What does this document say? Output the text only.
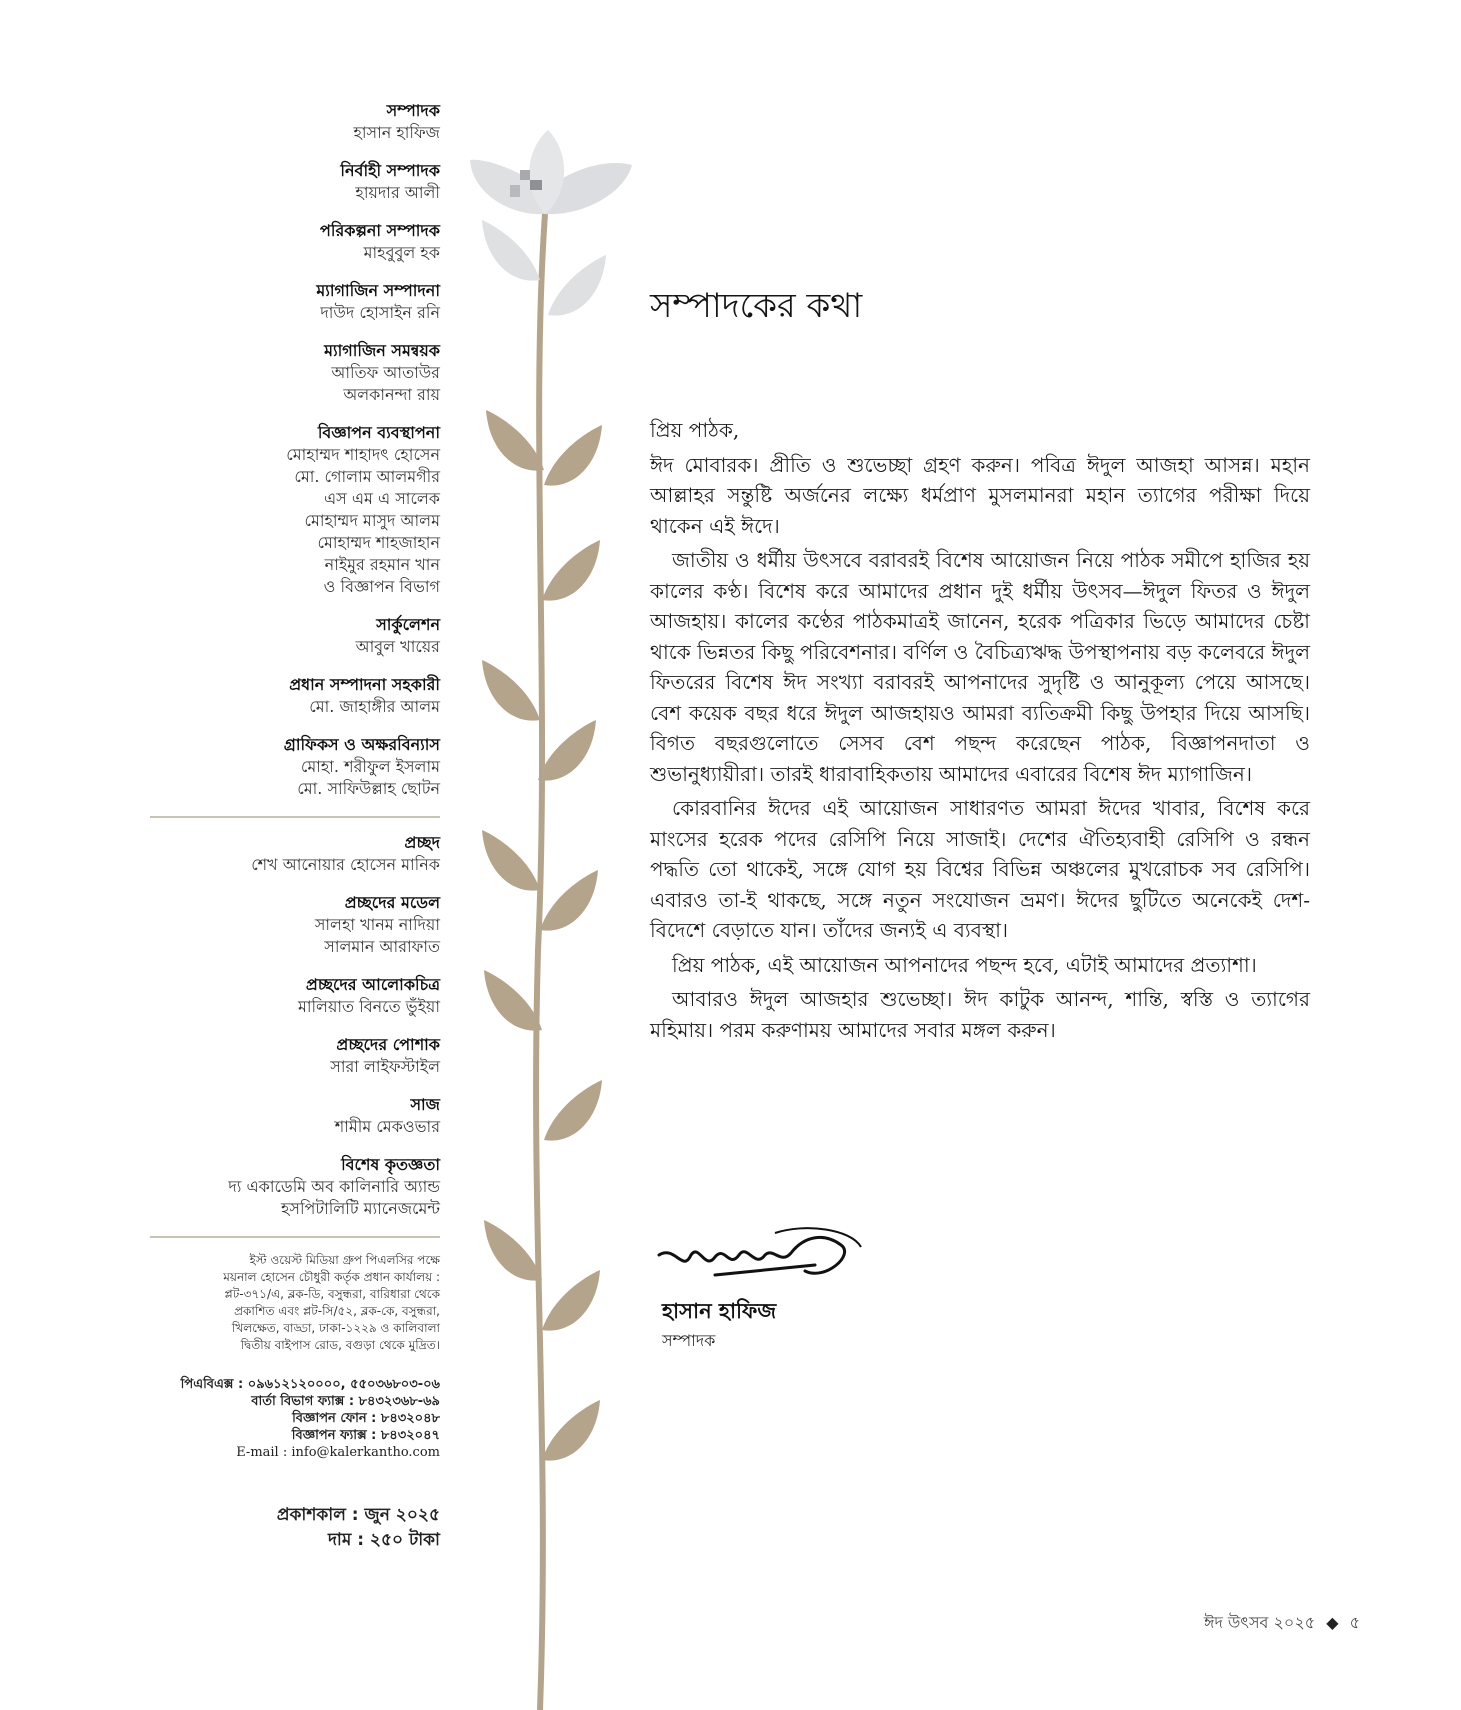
সম্পাদক
হাসান হাফিজ
নির্বাহী সম্পাদক
হায়দার আলী
পরিকল্পনা সম্পাদক
মাহবুবুল হক
ম্যাগাজিন সম্পাদনা
দাউদ হোসাইন রনি
ম্যাগাজিন সমন্বয়ক
আতিফ আতাউর
অলকানন্দা রায়
বিজ্ঞাপন ব্যবস্থাপনা
মোহাম্মদ শাহাদৎ হোসেন
মো. গোলাম আলমগীর
এস এম এ সালেক
মোহাম্মদ মাসুদ আলম
মোহাম্মদ শাহজাহান
নাইমুর রহমান খান
ও বিজ্ঞাপন বিভাগ
সার্কুলেশন
আবুল খায়ের
প্রধান সম্পাদনা সহকারী
মো. জাহাঙ্গীর আলম
গ্রাফিকস ও অক্ষরবিন্যাস
মোহা. শরীফুল ইসলাম
মো. সাফিউল্লাহ ছোটন
প্রচ্ছদ
শেখ আনোয়ার হোসেন মানিক
প্রচ্ছদের মডেল
সালহা খানম নাদিয়া
সালমান আরাফাত
প্রচ্ছদের আলোকচিত্র
মালিয়াত বিনতে ভুঁইয়া
প্রচ্ছদের পোশাক
সারা লাইফস্টাইল
সাজ
শামীম মেকওভার
বিশেষ কৃতজ্ঞতা
দ্য একাডেমি অব কালিনারি অ্যান্ড
হসপিটালিটি ম্যানেজমেন্ট
ইস্ট ওয়েস্ট মিডিয়া গ্রুপ পিএলসির পক্ষে
ময়নাল হোসেন চৌধুরী কর্তৃক প্রধান কার্যালয় :
প্লট-৩৭১/এ, ব্লক-ডি, বসুন্ধরা, বারিধারা থেকে
প্রকাশিত এবং প্লট-সি/৫২, ব্লক-কে, বসুন্ধরা,
খিলক্ষেত, বাড্ডা, ঢাকা-১২২৯ ও কালিবালা
দ্বিতীয় বাইপাস রোড, বগুড়া থেকে মুদ্রিত।
পিএবিএক্স : ০৯৬১২১২০০০০, ৫৫০৩৬৮০৩-০৬
বার্তা বিভাগ ফ্যাক্স : ৮৪৩২৩৬৮-৬৯
বিজ্ঞাপন ফোন : ৮৪৩২০৪৮
বিজ্ঞাপন ফ্যাক্স : ৮৪৩২০৪৭
E-mail : info@kalerkantho.com
প্রকাশকাল : জুন ২০২৫
দাম : ২৫০ টাকা
সম্পাদকের কথা

প্রিয় পাঠক,

ঈদ মোবারক। প্রীতি ও শুভেচ্ছা গ্রহণ করুন। পবিত্র ঈদুল আজহা আসন্ন। মহান আল্লাহর সন্তুষ্টি অর্জনের লক্ষ্যে ধর্মপ্রাণ মুসলমানরা মহান ত্যাগের পরীক্ষা দিয়ে থাকেন এই ঈদে।

জাতীয় ও ধর্মীয় উৎসবে বরাবরই বিশেষ আয়োজন নিয়ে পাঠক সমীপে হাজির হয় কালের কণ্ঠ। বিশেষ করে আমাদের প্রধান দুই ধর্মীয় উৎসব—ঈদুল ফিতর ও ঈদুল আজহায়। কালের কণ্ঠের পাঠকমাত্রই জানেন, হরেক পত্রিকার ভিড়ে আমাদের চেষ্টা থাকে ভিন্নতর কিছু পরিবেশনার। বর্ণিল ও বৈচিত্র্যঋদ্ধ উপস্থাপনায় বড় কলেবরে ঈদুল ফিতরের বিশেষ ঈদ সংখ্যা বরাবরই আপনাদের সুদৃষ্টি ও আনুকূল্য পেয়ে আসছে। বেশ কয়েক বছর ধরে ঈদুল আজহায়ও আমরা ব্যতিক্রমী কিছু উপহার দিয়ে আসছি। বিগত বছরগুলোতে সেসব বেশ পছন্দ করেছেন পাঠক, বিজ্ঞাপনদাতা ও শুভানুধ্যায়ীরা। তারই ধারাবাহিকতায় আমাদের এবারের বিশেষ ঈদ ম্যাগাজিন।

কোরবানির ঈদের এই আয়োজন সাধারণত আমরা ঈদের খাবার, বিশেষ করে মাংসের হরেক পদের রেসিপি নিয়ে সাজাই। দেশের ঐতিহ্যবাহী রেসিপি ও রন্ধন পদ্ধতি তো থাকেই, সঙ্গে যোগ হয় বিশ্বের বিভিন্ন অঞ্চলের মুখরোচক সব রেসিপি। এবারও তা-ই থাকছে, সঙ্গে নতুন সংযোজন ভ্রমণ। ঈদের ছুটিতে অনেকেই দেশ-বিদেশে বেড়াতে যান। তাঁদের জন্যই এ ব্যবস্থা।

প্রিয় পাঠক, এই আয়োজন আপনাদের পছন্দ হবে, এটাই আমাদের প্রত্যাশা।

আবারও ঈদুল আজহার শুভেচ্ছা। ঈদ কাটুক আনন্দ, শান্তি, স্বস্তি ও ত্যাগের মহিমায়। পরম করুণাময় আমাদের সবার মঙ্গল করুন।

হাসান হাফিজ
সম্পাদক
ঈদ উৎসব ২০২৫ ◆ ৫
